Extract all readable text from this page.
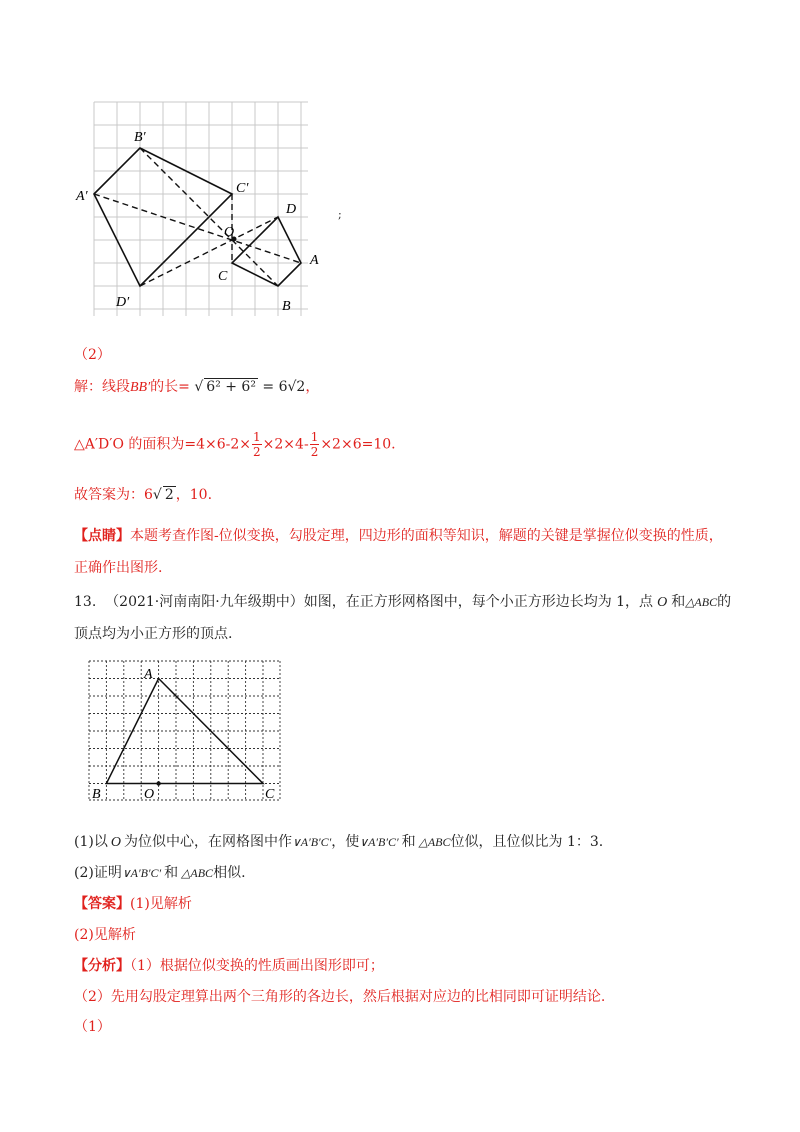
B′
A′
C′
D′
O
D
A
C
B
;
（2）
解：线段BB′的长= √ 6² + 6² = 6√2，
△A′D′O 的面积为$=4\times 6-2\times \frac{1}{2} \times 2\times 4- \frac{1}{2} \times 2\times 6=10$.
故答案为：6√ 2 ，10.
【点睛】本题考查作图-位似变换，勾股定理，四边形的面积等知识，解题的关键是掌握位似变换的性质，
正确作出图形.
13. （2021·河南南阳·九年级期中）如图，在正方形网格图中，每个小正方形边长均为 1，点 O 和△ABC的
顶点均为小正方形的顶点.
A
B	O	C
(1)以 O 为位似中心，在网格图中作∨A′B′C′，使∨A′B′C′ 和 △ABC位似，且位似比为 1：3.
(2)证明∨A′B′C′ 和 △ABC相似.
【答案】(1)见解析
(2)见解析
【分析】（1）根据位似变换的性质画出图形即可；
（2）先用勾股定理算出两个三角形的各边长，然后根据对应边的比相同即可证明结论.
（1）
